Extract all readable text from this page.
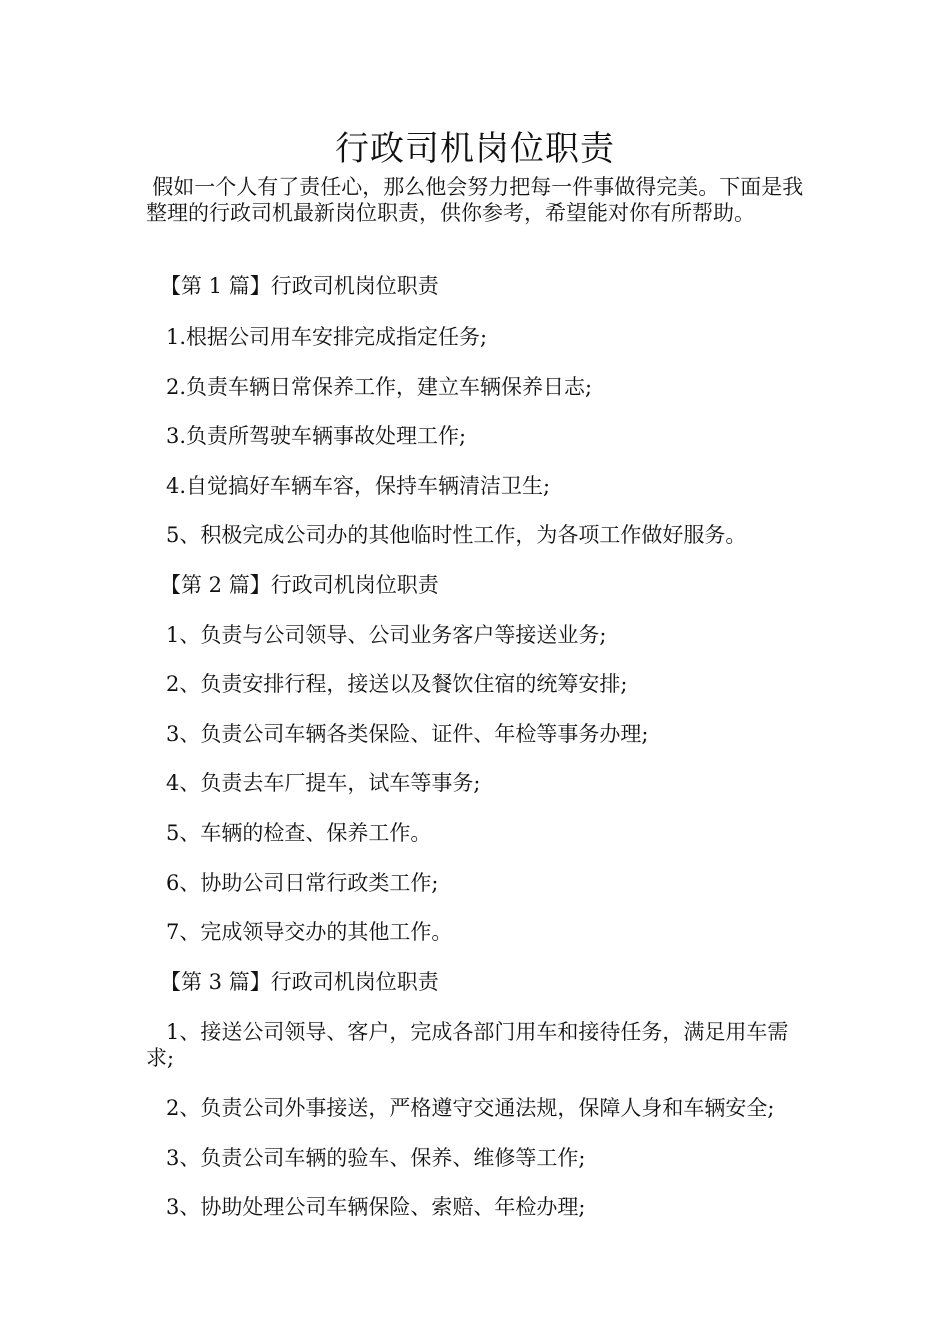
行政司机岗位职责

假如一个人有了责任心，那么他会努力把每一件事做得完美。下面是我整理的行政司机最新岗位职责，供你参考，希望能对你有所帮助。

【第 1 篇】行政司机岗位职责

1.根据公司用车安排完成指定任务;

2.负责车辆日常保养工作，建立车辆保养日志;

3.负责所驾驶车辆事故处理工作;

4.自觉搞好车辆车容，保持车辆清洁卫生;

5、积极完成公司办的其他临时性工作，为各项工作做好服务。

【第 2 篇】行政司机岗位职责

1、负责与公司领导、公司业务客户等接送业务;

2、负责安排行程，接送以及餐饮住宿的统筹安排;

3、负责公司车辆各类保险、证件、年检等事务办理;

4、负责去车厂提车，试车等事务;

5、车辆的检查、保养工作。

6、协助公司日常行政类工作;

7、完成领导交办的其他工作。

【第 3 篇】行政司机岗位职责

1、接送公司领导、客户，完成各部门用车和接待任务，满足用车需求;

2、负责公司外事接送，严格遵守交通法规，保障人身和车辆安全;

3、负责公司车辆的验车、保养、维修等工作;

3、协助处理公司车辆保险、索赔、年检办理;
